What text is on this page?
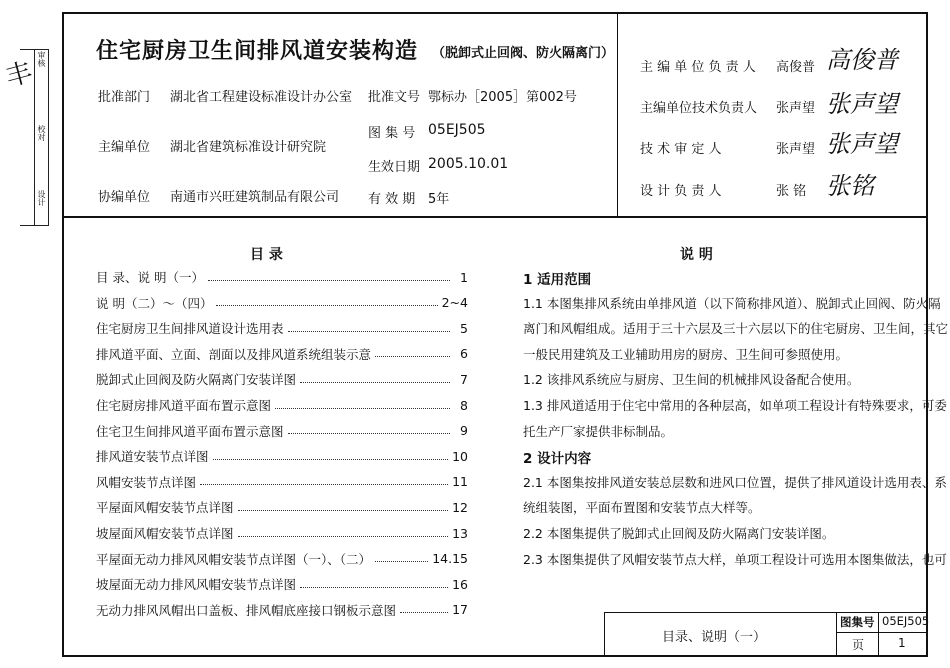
丰 审核
校对
设计
住宅厨房卫生间排风道安装构造 （脱卸式止回阀、防火隔离门）
批准部门 湖北省工程建设标准设计办公室
主编单位 湖北省建筑标准设计研究院
协编单位 南通市兴旺建筑制品有限公司
批准文号 鄂标办［2005］第002号
图 集 号 05EJ505
生效日期 2005.10.01
有 效 期 5年
主 编 单 位 负 责 人 高俊普 高俊普
主编单位技术负责人 张声望 张声望
技 术 审 定 人	张声望 张声望
设 计 负 责 人	张 铭 张铭
目 录
目 录、说 明（一）	1
说 明（二）～（四）	2~4
住宅厨房卫生间排风道设计选用表	5
排风道平面、立面、剖面以及排风道系统组装示意	6
脱卸式止回阀及防火隔离门安装详图	7
住宅厨房排风道平面布置示意图	8
住宅卫生间排风道平面布置示意图	9
排风道安装节点详图	10
风帽安装节点详图	11
平屋面风帽安装节点详图	12
坡屋面风帽安装节点详图	13
平屋面无动力排风风帽安装节点详图（一）、（二）	14.15
坡屋面无动力排风风帽安装节点详图	16
无动力排风风帽出口盖板、排风帽底座接口钢板示意图	17
说 明
1 适用范围
1.1 本图集排风系统由单排风道（以下简称排风道）、脱卸式止回阀、防火隔
离门和风帽组成。适用于三十六层及三十六层以下的住宅厨房、卫生间，其它
一般民用建筑及工业辅助用房的厨房、卫生间可参照使用。
1.2 该排风系统应与厨房、卫生间的机械排风设备配合使用。
1.3 排风道适用于住宅中常用的各种层高，如单项工程设计有特殊要求，可委
托生产厂家提供非标制品。
2 设计内容
2.1 本图集按排风道安装总层数和进风口位置，提供了排风道设计选用表、系
统组装图，平面布置图和安装节点大样等。
2.2 本图集提供了脱卸式止回阀及防火隔离门安装详图。
2.3 本图集提供了风帽安装节点大样，单项工程设计可选用本图集做法，也可
目录、说明（一）
图集号 05EJ505
页	1
